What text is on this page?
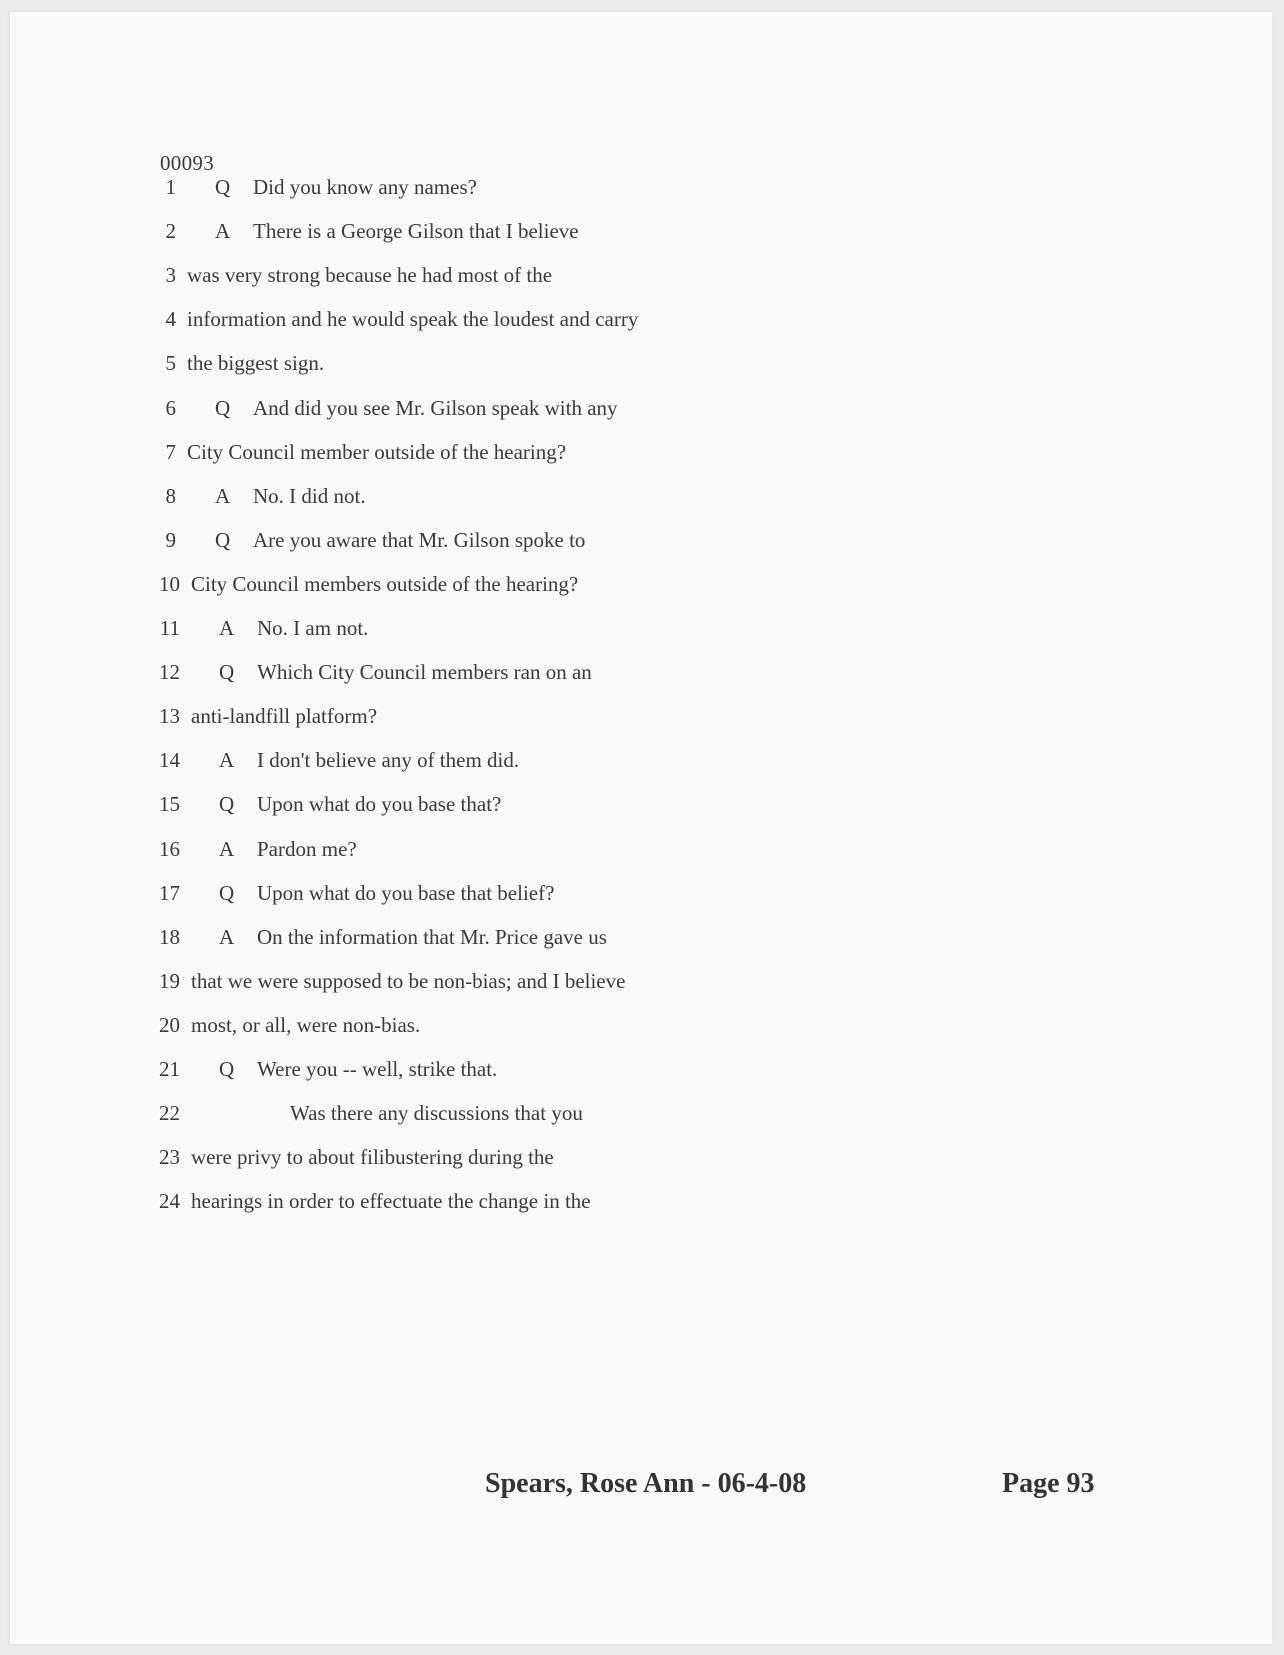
00093
1 Q Did you know any names?
2 A There is a George Gilson that I believe
3 was very strong because he had most of the
4 information and he would speak the loudest and carry
5 the biggest sign.
6 Q And did you see Mr. Gilson speak with any
7 City Council member outside of the hearing?
8 A No. I did not.
9 Q Are you aware that Mr. Gilson spoke to
10 City Council members outside of the hearing?
11 A No. I am not.
12 Q Which City Council members ran on an
13 anti-landfill platform?
14 A I don't believe any of them did.
15 Q Upon what do you base that?
16 A Pardon me?
17 Q Upon what do you base that belief?
18 A On the information that Mr. Price gave us
19 that we were supposed to be non-bias; and I believe
20 most, or all, were non-bias.
21 Q Were you -- well, strike that.
22	Was there any discussions that you
23 were privy to about filibustering during the
24 hearings in order to effectuate the change in the
Spears, Rose Ann - 06-4-08	Page 93
